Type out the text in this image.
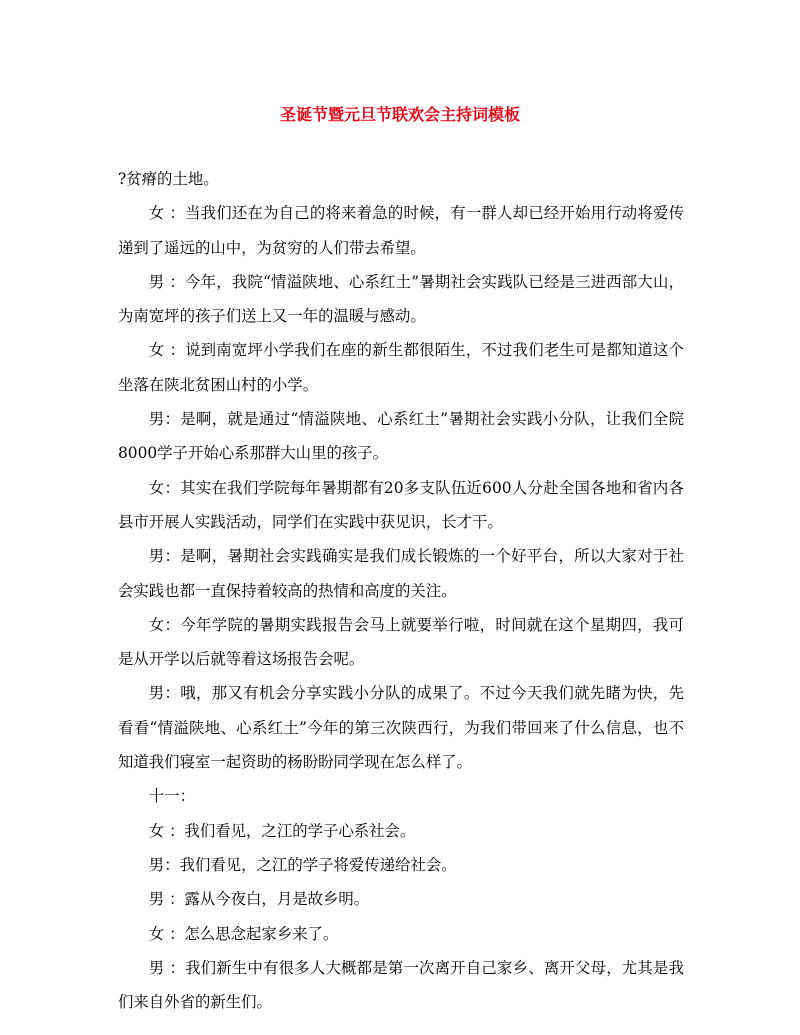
圣诞节暨元旦节联欢会主持词模板

?贫瘠的土地。

女 ：当我们还在为自己的将来着急的时候，有一群人却已经开始用行动将爱传递到了遥远的山中，为贫穷的人们带去希望。

男 ：今年，我院“情溢陕地、心系红土”暑期社会实践队已经是三进西部大山，为南宽坪的孩子们送上又一年的温暖与感动。

女 ：说到南宽坪小学我们在座的新生都很陌生，不过我们老生可是都知道这个坐落在陕北贫困山村的小学。

男：是啊，就是通过“情溢陕地、心系红土”暑期社会实践小分队，让我们全院8000学子开始心系那群大山里的孩子。

女：其实在我们学院每年暑期都有20多支队伍近600人分赴全国各地和省内各县市开展人实践活动，同学们在实践中获见识，长才干。

男：是啊，暑期社会实践确实是我们成长锻炼的一个好平台，所以大家对于社会实践也都一直保持着较高的热情和高度的关注。

女：今年学院的暑期实践报告会马上就要举行啦，时间就在这个星期四，我可是从开学以后就等着这场报告会呢。

男：哦，那又有机会分享实践小分队的成果了。不过今天我们就先睹为快，先看看“情溢陕地、心系红土”今年的第三次陕西行，为我们带回来了什么信息，也不知道我们寝室一起资助的杨盼盼同学现在怎么样了。

十一：

女 ：我们看见，之江的学子心系社会。

男：我们看见，之江的学子将爱传递给社会。

男 ：露从今夜白，月是故乡明。

女 ：怎么思念起家乡来了。

男 ：我们新生中有很多人大概都是第一次离开自己家乡、离开父母，尤其是我们来自外省的新生们。
